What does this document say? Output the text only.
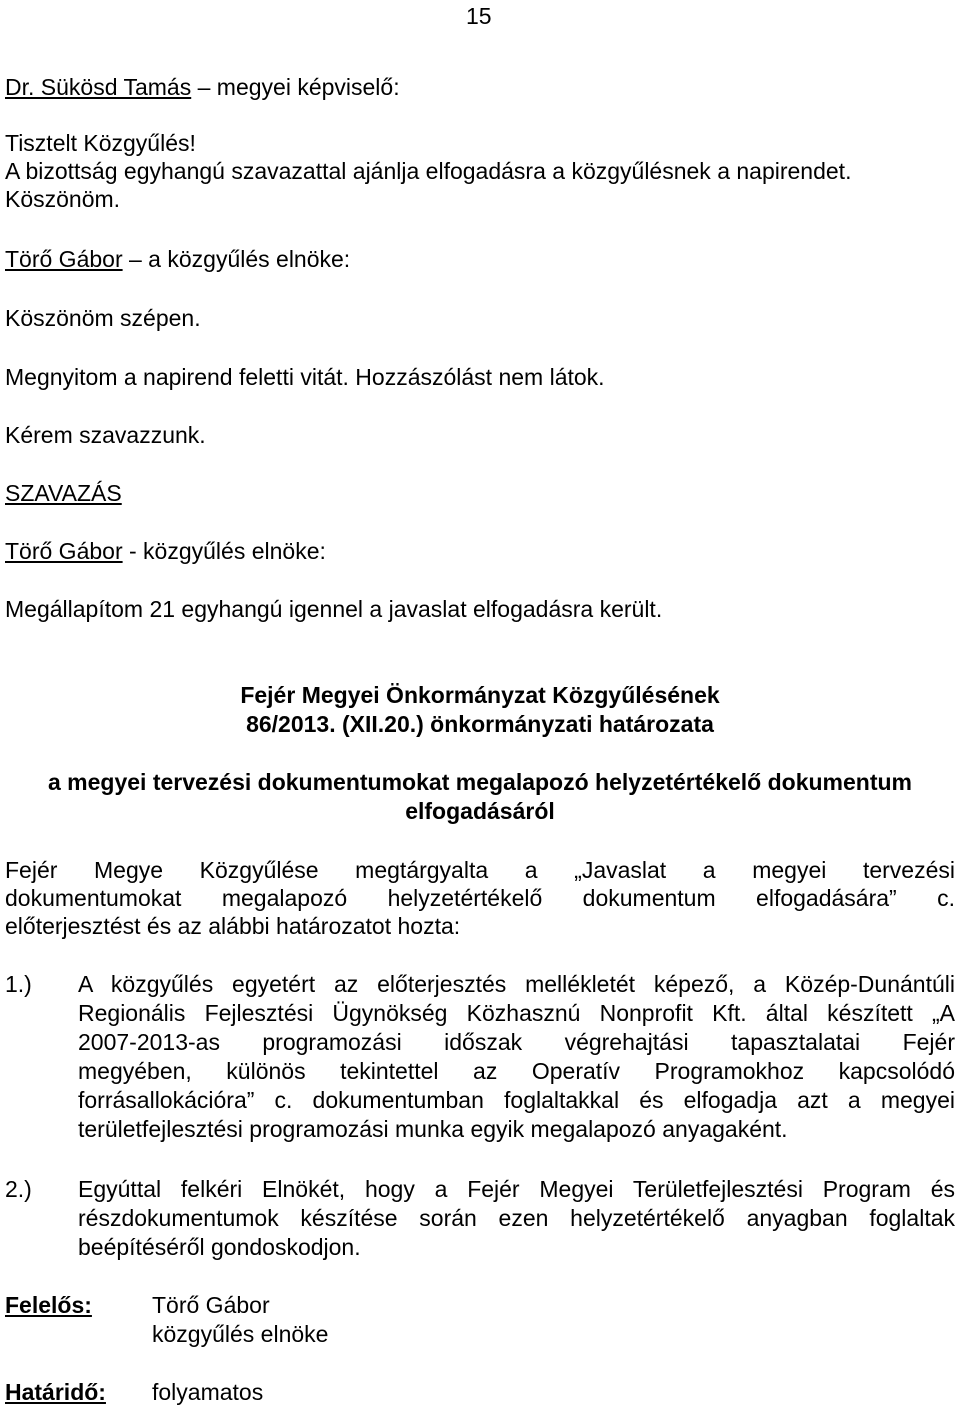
15
Dr. Sükösd Tamás – megyei képviselő:
Tisztelt Közgyűlés!
A bizottság egyhangú szavazattal ajánlja elfogadásra a közgyűlésnek a napirendet.
Köszönöm.
Törő Gábor – a közgyűlés elnöke:
Köszönöm szépen.
Megnyitom a napirend feletti vitát. Hozzászólást nem látok.
Kérem szavazzunk.
SZAVAZÁS
Törő Gábor - közgyűlés elnöke:
Megállapítom 21 egyhangú igennel a javaslat elfogadásra került.
Fejér Megyei Önkormányzat Közgyűlésének
86/2013. (XII.20.) önkormányzati határozata
a megyei tervezési dokumentumokat megalapozó helyzetértékelő dokumentum
elfogadásáról
Fejér Megye Közgyűlése megtárgyalta a „Javaslat a megyei tervezési
dokumentumokat megalapozó helyzetértékelő dokumentum elfogadására” c.
előterjesztést és az alábbi határozatot hozta:
1.) A közgyűlés egyetért az előterjesztés mellékletét képező, a Közép-Dunántúli
Regionális Fejlesztési Ügynökség Közhasznú Nonprofit Kft. által készített „A
2007-2013-as programozási időszak végrehajtási tapasztalatai Fejér
megyében, különös tekintettel az Operatív Programokhoz kapcsolódó
forrásallokációra” c. dokumentumban foglaltakkal és elfogadja azt a megyei
területfejlesztési programozási munka egyik megalapozó anyagaként.
2.) Egyúttal felkéri Elnökét, hogy a Fejér Megyei Területfejlesztési Program és
részdokumentumok készítése során ezen helyzetértékelő anyagban foglaltak
beépítéséről gondoskodjon.
Felelős:	Törő Gábor
közgyűlés elnöke
Határidő: folyamatos
